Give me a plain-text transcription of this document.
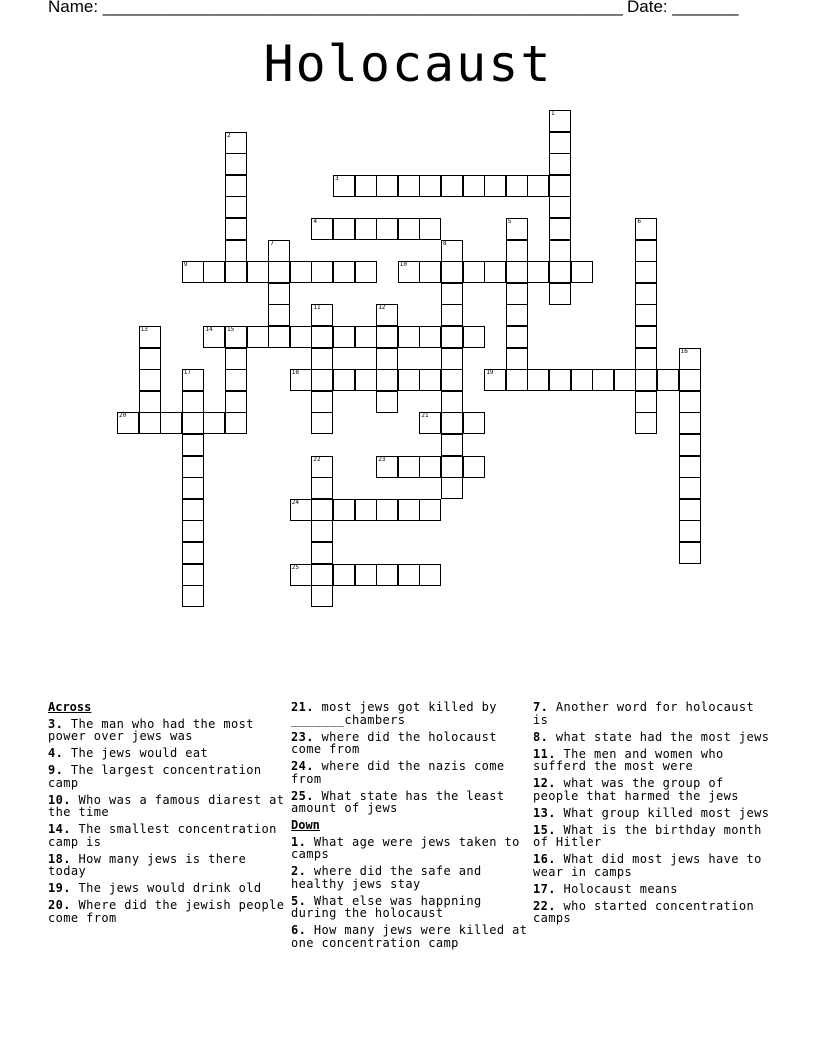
Name: _______________________________________________________ Date: _______
Holocaust
1
2
3
4	5	6
7	8
9	10
11	12
13	14 15
16
17	18	19
20	21
22	23
24
25
Across
3. The man who had the most power over jews was
4. The jews would eat
9. The largest concentration camp
10. Who was a famous diarest at the time
14. The smallest concentration camp is
18. How many jews is there today
19. The jews would drink old
20. Where did the jewish people come from
21. most jews got killed by _______chambers
23. where did the holocaust come from
24. where did the nazis come from
25. What state has the least amount of jews
Down
1. What age were jews taken to camps
2. where did the safe and healthy jews stay
5. What else was happning during the holocaust
6. How many jews were killed at one concentration camp
7. Another word for holocaust is
8. what state had the most jews
11. The men and women who sufferd the most were
12. what was the group of people that harmed the jews
13. What group killed most jews
15. What is the birthday month of Hitler
16. What did most jews have to wear in camps
17. Holocaust means
22. who started concentration camps
